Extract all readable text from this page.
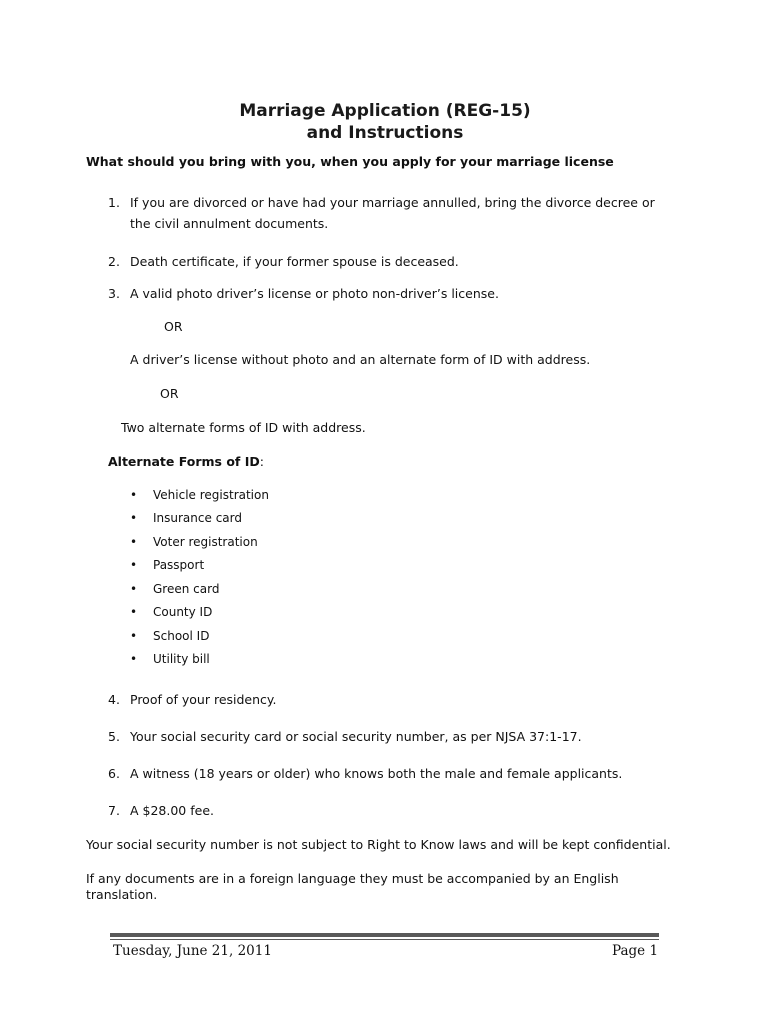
Marriage Application (REG-15)
and Instructions
What should you bring with you, when you apply for your marriage license
1. If you are divorced or have had your marriage annulled, bring the divorce decree or
the civil annulment documents.
2. Death certificate, if your former spouse is deceased.
3. A valid photo driver’s license or photo non-driver’s license.
OR
A driver’s license without photo and an alternate form of ID with address.
OR
Two alternate forms of ID with address.
Alternate Forms of ID:
• Vehicle registration
• Insurance card
• Voter registration
• Passport
• Green card
• County ID
• School ID
• Utility bill
4. Proof of your residency.
5. Your social security card or social security number, as per NJSA 37:1-17.
6. A witness (18 years or older) who knows both the male and female applicants.
7. A $28.00 fee.
Your social security number is not subject to Right to Know laws and will be kept confidential.
If any documents are in a foreign language they must be accompanied by an English
translation.
Tuesday, June 21, 2011	Page 1
